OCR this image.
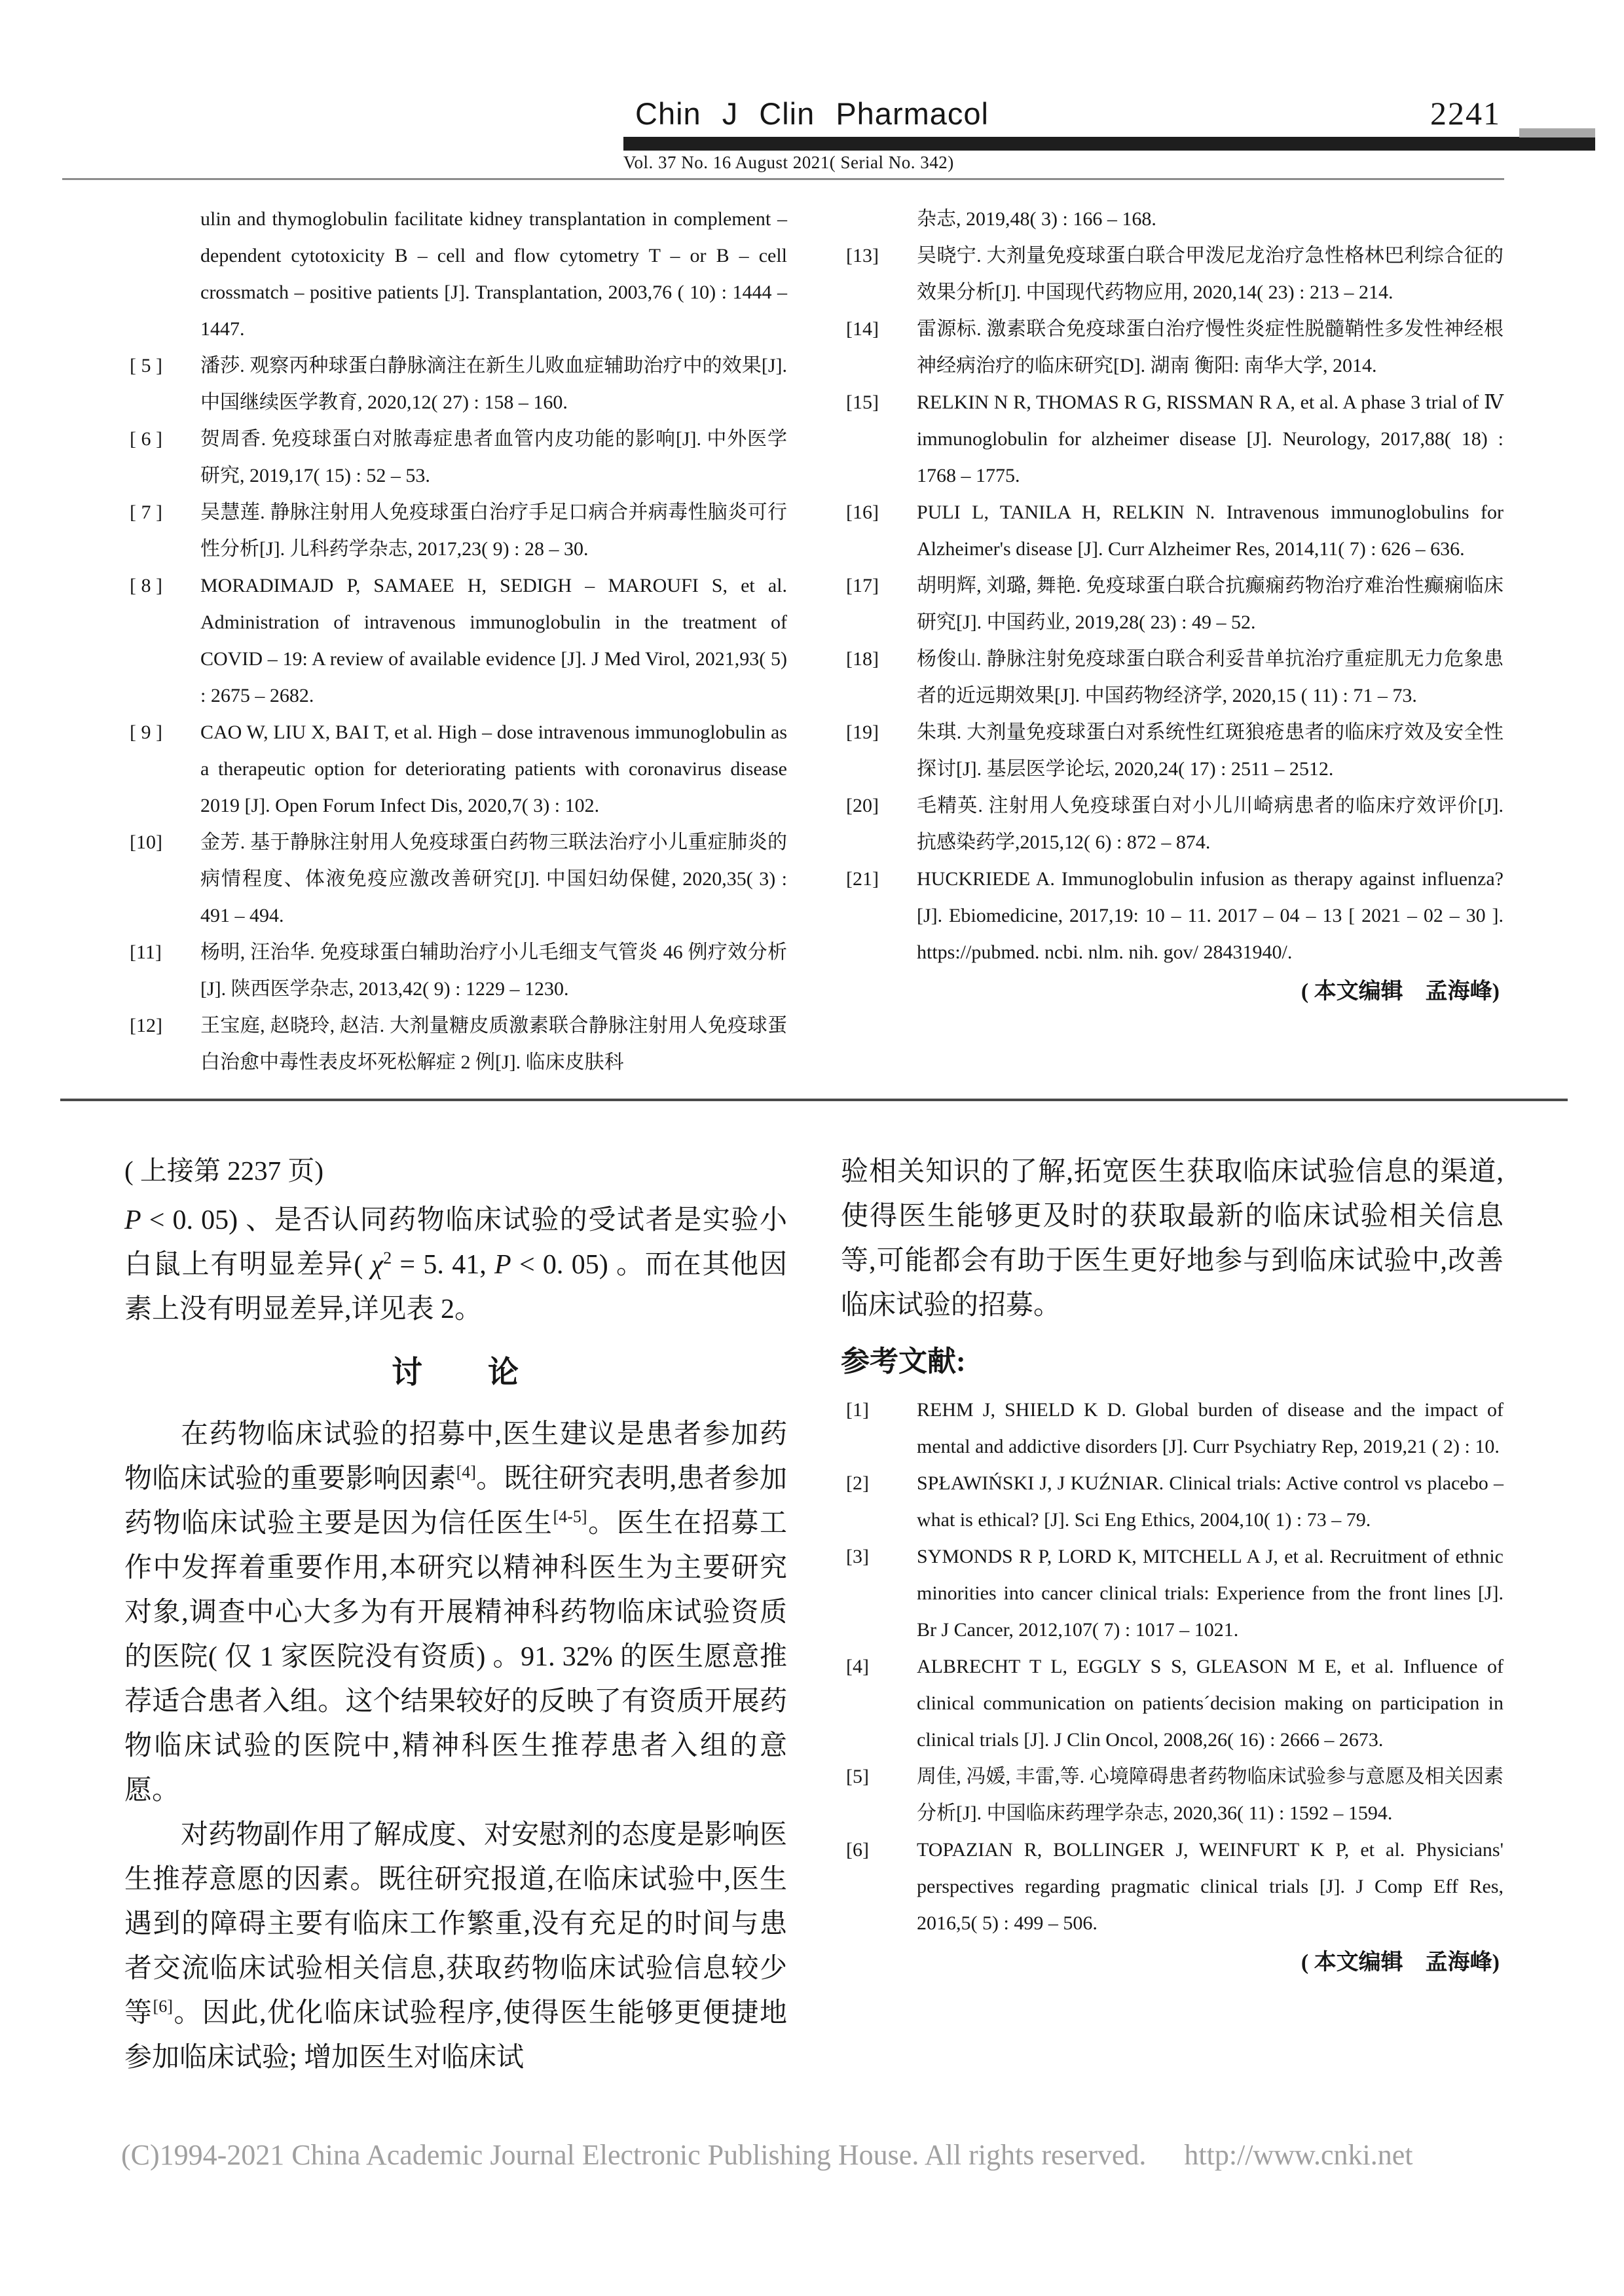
Chin J Clin Pharmacol	2241
Vol. 37 No. 16 August 2021( Serial No. 342)
ulin and thymoglobulin facilitate kidney transplantation in complement – dependent cytotoxicity B – cell and flow cytometry T – or B – cell crossmatch – positive patients [J]. Transplantation, 2003,76 ( 10) : 1444 – 1447.
[ 5 ] 潘莎. 观察丙种球蛋白静脉滴注在新生儿败血症辅助治疗中的效果[J]. 中国继续医学教育, 2020,12( 27) : 158 – 160.
[ 6 ] 贺周香. 免疫球蛋白对脓毒症患者血管内皮功能的影响[J]. 中外医学研究, 2019,17( 15) : 52 – 53.
[ 7 ] 吴慧莲. 静脉注射用人免疫球蛋白治疗手足口病合并病毒性脑炎可行性分析[J]. 儿科药学杂志, 2017,23( 9) : 28 – 30.
[ 8 ] MORADIMAJD P, SAMAEE H, SEDIGH – MAROUFI S, et al. Administration of intravenous immunoglobulin in the treatment of COVID – 19: A review of available evidence [J]. J Med Virol, 2021,93( 5) : 2675 – 2682.
[ 9 ] CAO W, LIU X, BAI T, et al. High – dose intravenous immunoglobulin as a therapeutic option for deteriorating patients with coronavirus disease 2019 [J]. Open Forum Infect Dis, 2020,7( 3) : 102.
[10] 金芳. 基于静脉注射用人免疫球蛋白药物三联法治疗小儿重症肺炎的病情程度、体液免疫应激改善研究[J]. 中国妇幼保健, 2020,35( 3) : 491 – 494.
[11] 杨明, 汪治华. 免疫球蛋白辅助治疗小儿毛细支气管炎 46 例疗效分析[J]. 陕西医学杂志, 2013,42( 9) : 1229 – 1230.
[12] 王宝庭, 赵晓玲, 赵洁. 大剂量糖皮质激素联合静脉注射用人免疫球蛋白治愈中毒性表皮坏死松解症 2 例[J]. 临床皮肤科
杂志, 2019,48( 3) : 166 – 168.
[13] 吴晓宁. 大剂量免疫球蛋白联合甲泼尼龙治疗急性格林巴利综合征的效果分析[J]. 中国现代药物应用, 2020,14( 23) : 213 – 214.
[14] 雷源标. 激素联合免疫球蛋白治疗慢性炎症性脱髓鞘性多发性神经根神经病治疗的临床研究[D]. 湖南 衡阳: 南华大学, 2014.
[15] RELKIN N R, THOMAS R G, RISSMAN R A, et al. A phase 3 trial of Ⅳ immunoglobulin for alzheimer disease [J]. Neurology, 2017,88( 18) : 1768 – 1775.
[16] PULI L, TANILA H, RELKIN N. Intravenous immunoglobulins for Alzheimer's disease [J]. Curr Alzheimer Res, 2014,11( 7) : 626 – 636.
[17] 胡明辉, 刘璐, 舞艳. 免疫球蛋白联合抗癫痫药物治疗难治性癫痫临床研究[J]. 中国药业, 2019,28( 23) : 49 – 52.
[18] 杨俊山. 静脉注射免疫球蛋白联合利妥昔单抗治疗重症肌无力危象患者的近远期效果[J]. 中国药物经济学, 2020,15 ( 11) : 71 – 73.
[19] 朱琪. 大剂量免疫球蛋白对系统性红斑狼疮患者的临床疗效及安全性探讨[J]. 基层医学论坛, 2020,24( 17) : 2511 – 2512.
[20] 毛精英. 注射用人免疫球蛋白对小儿川崎病患者的临床疗效评价[J]. 抗感染药学,2015,12( 6) : 872 – 874.
[21] HUCKRIEDE A. Immunoglobulin infusion as therapy against influenza? [J]. Ebiomedicine, 2017,19: 10 – 11. 2017 – 04 – 13 [ 2021 – 02 – 30 ]. https://pubmed. ncbi. nlm. nih. gov/ 28431940/.
( 本文编辑　孟海峰)
( 上接第 2237 页)
P < 0. 05) 、是否认同药物临床试验的受试者是实验小白鼠上有明显差异( $\chi^2 = 5$. 41, P < 0. 05) 。而在其他因素上没有明显差异,详见表 2。
讨　　论
在药物临床试验的招募中,医生建议是患者参加药物临床试验的重要影响因素[4]。既往研究表明,患者参加药物临床试验主要是因为信任医生[4-5]。医生在招募工作中发挥着重要作用,本研究以精神科医生为主要研究对象,调查中心大多为有开展精神科药物临床试验资质的医院( 仅 1 家医院没有资质) 。91. 32% 的医生愿意推荐适合患者入组。这个结果较好的反映了有资质开展药物临床试验的医院中,精神科医生推荐患者入组的意愿。
对药物副作用了解成度、对安慰剂的态度是影响医生推荐意愿的因素。既往研究报道,在临床试验中,医生遇到的障碍主要有临床工作繁重,没有充足的时间与患者交流临床试验相关信息,获取药物临床试验信息较少等[6]。因此,优化临床试验程序,使得医生能够更便捷地参加临床试验; 增加医生对临床试
验相关知识的了解,拓宽医生获取临床试验信息的渠道,使得医生能够更及时的获取最新的临床试验相关信息等,可能都会有助于医生更好地参与到临床试验中,改善临床试验的招募。
参考文献:
[1] REHM J, SHIELD K D. Global burden of disease and the impact of mental and addictive disorders [J]. Curr Psychiatry Rep, 2019,21 ( 2) : 10.
[2] SPŁAWIŃSKI J, J KUŹNIAR. Clinical trials: Active control vs placebo – what is ethical? [J]. Sci Eng Ethics, 2004,10( 1) : 73 – 79.
[3] SYMONDS R P, LORD K, MITCHELL A J, et al. Recruitment of ethnic minorities into cancer clinical trials: Experience from the front lines [J]. Br J Cancer, 2012,107( 7) : 1017 – 1021.
[4] ALBRECHT T L, EGGLY S S, GLEASON M E, et al. Influence of clinical communication on patients´decision making on participation in clinical trials [J]. J Clin Oncol, 2008,26( 16) : 2666 – 2673.
[5] 周佳, 冯媛, 丰雷,等. 心境障碍患者药物临床试验参与意愿及相关因素分析[J]. 中国临床药理学杂志, 2020,36( 11) : 1592 – 1594.
[6] TOPAZIAN R, BOLLINGER J, WEINFURT K P, et al. Physicians' perspectives regarding pragmatic clinical trials [J]. J Comp Eff Res, 2016,5( 5) : 499 – 506.
( 本文编辑　孟海峰)
(C)1994-2021 China Academic Journal Electronic Publishing House. All rights reserved. http://www.cnki.net
